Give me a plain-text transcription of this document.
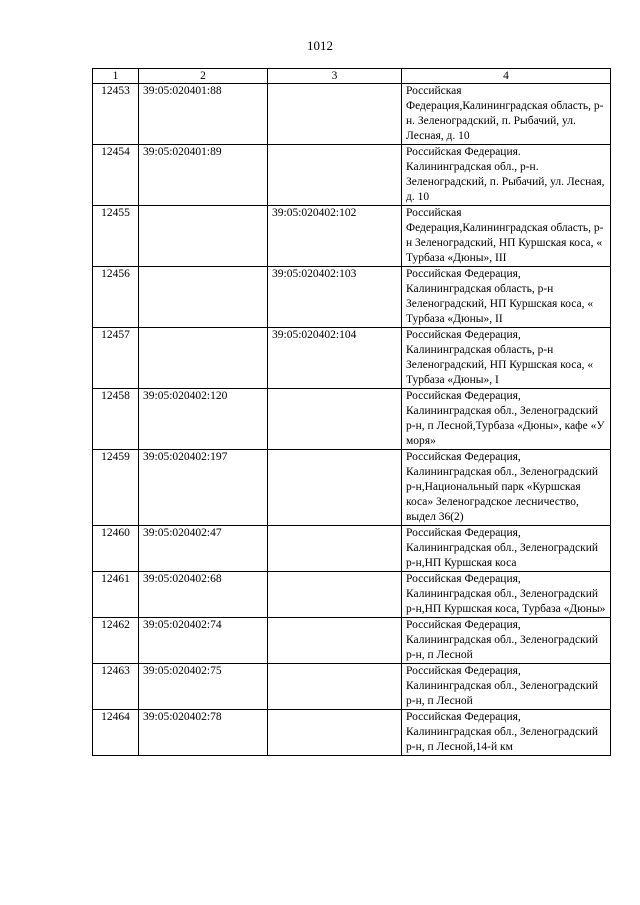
1012
1	2	3	4
12453	39:05:020401:88		Российская Федерация,Калининградская область, р-н. Зеленоградский, п. Рыбачий, ул. Лесная, д. 10
12454	39:05:020401:89		Российская Федерация. Калининградская обл., р-н. Зеленоградский, п. Рыбачий, ул. Лесная, д. 10
12455		39:05:020402:102	Российская Федерация,Калининградская область, р-н Зеленоградский, НП Куршская коса, « Турбаза «Дюны», III
12456		39:05:020402:103	Российская Федерация, Калининградская область, р-н Зеленоградский, НП Куршская коса, « Турбаза «Дюны», II
12457		39:05:020402:104	Российская Федерация, Калининградская область, р-н Зеленоградский, НП Куршская коса, « Турбаза «Дюны», I
12458	39:05:020402:120		Российская Федерация, Калининградская обл., Зеленоградский р-н, п Лесной,Турбаза «Дюны», кафе «У моря»
12459	39:05:020402:197		Российская Федерация, Калининградская обл., Зеленоградский р-н,Национальный парк «Куршская коса» Зеленоградское лесничество, выдел 36(2)
12460	39:05:020402:47		Российская Федерация, Калининградская обл., Зеленоградский р-н,НП Куршская коса
12461	39:05:020402:68		Российская Федерация, Калининградская обл., Зеленоградский р-н,НП Куршская коса, Турбаза «Дюны»
12462	39:05:020402:74		Российская Федерация, Калининградская обл., Зеленоградский р-н, п Лесной
12463	39:05:020402:75		Российская Федерация, Калининградская обл., Зеленоградский р-н, п Лесной
12464	39:05:020402:78		Российская Федерация, Калининградская обл., Зеленоградский р-н, п Лесной,14-й км
